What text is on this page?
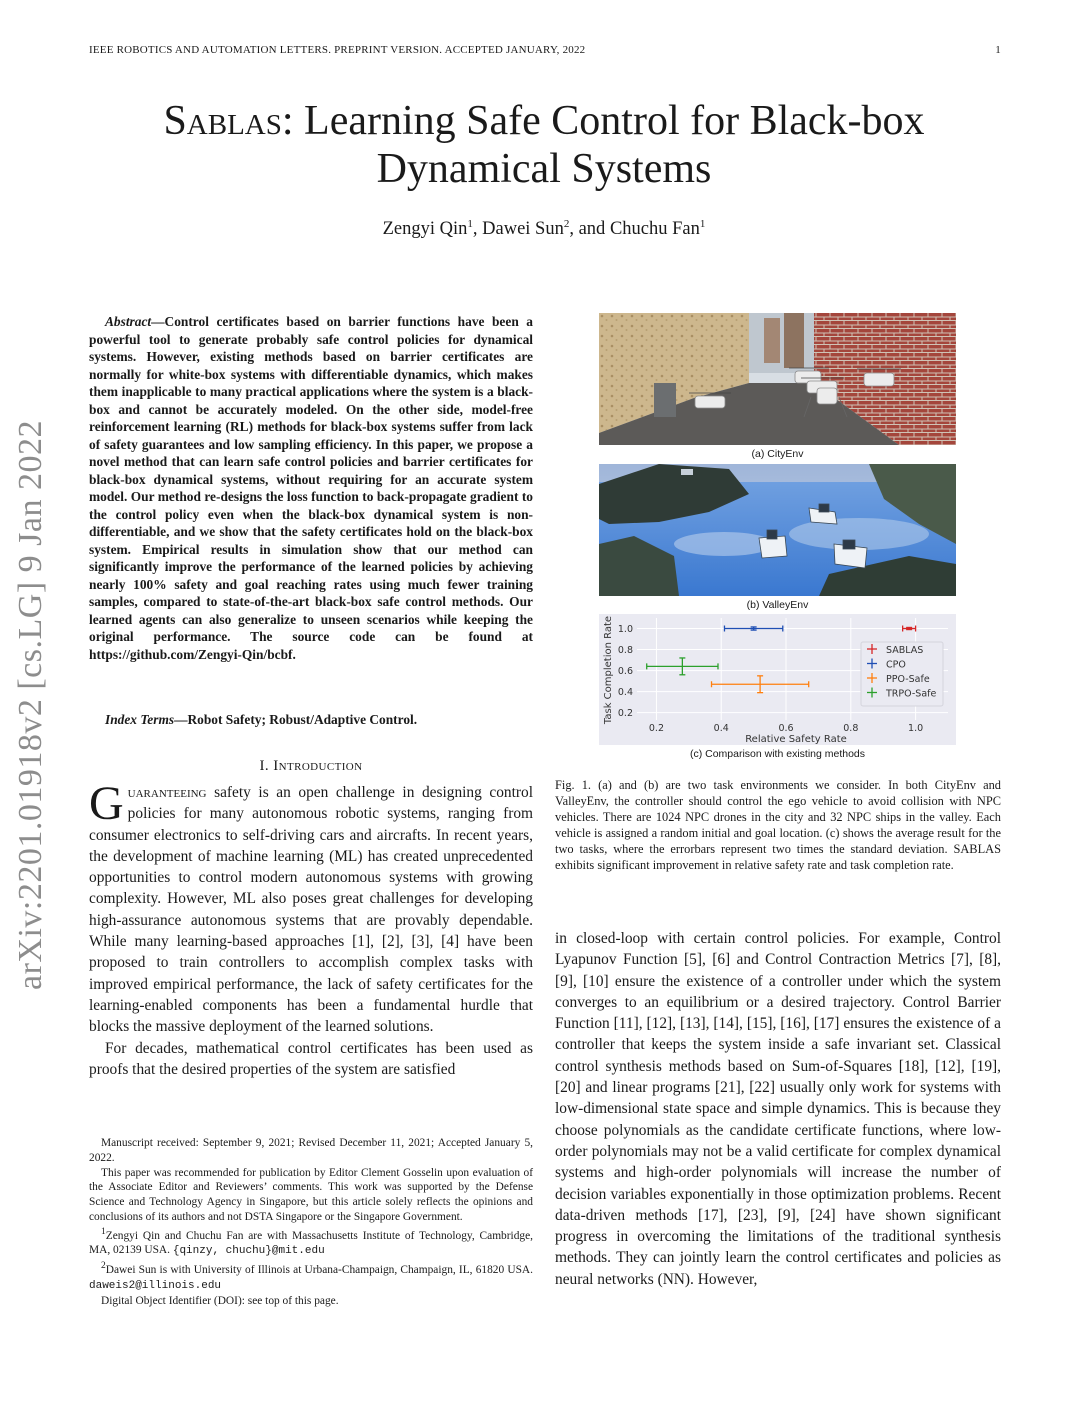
IEEE ROBOTICS AND AUTOMATION LETTERS. PREPRINT VERSION. ACCEPTED JANUARY, 2022	1
Sablas: Learning Safe Control for Black-box
Dynamical Systems
Zengyi Qin$^1$, Dawei Sun$^2$, and Chuchu Fan$^1$
arXiv:2201.01918v2 [cs.LG] 9 Jan 2022
Abstract—Control certificates based on barrier functions have been a powerful tool to generate probably safe control policies for dynamical systems. However, existing methods based on barrier certificates are normally for white-box systems with differentiable dynamics, which makes them inapplicable to many practical applications where the system is a black-box and cannot be accurately modeled. On the other side, model-free reinforcement learning (RL) methods for black-box systems suffer from lack of safety guarantees and low sampling efficiency. In this paper, we propose a novel method that can learn safe control policies and barrier certificates for black-box dynamical systems, without requiring for an accurate system model. Our method re-designs the loss function to back-propagate gradient to the control policy even when the black-box dynamical system is non-differentiable, and we show that the safety certificates hold on the black-box system. Empirical results in simulation show that our method can significantly improve the performance of the learned policies by achieving nearly 100% safety and goal reaching rates using much fewer training samples, compared to state-of-the-art black-box safe control methods. Our learned agents can also generalize to unseen scenarios while keeping the original performance. The source code can be found at https://github.com/Zengyi-Qin/bcbf.
Index Terms—Robot Safety; Robust/Adaptive Control.
I. Introduction

Guaranteeing safety is an open challenge in designing control policies for many autonomous robotic systems, ranging from consumer electronics to self-driving cars and aircrafts. In recent years, the development of machine learning (ML) has created unprecedented opportunities to control modern autonomous systems with growing complexity. However, ML also poses great challenges for developing high-assurance autonomous systems that are provably dependable. While many learning-based approaches [1], [2], [3], [4] have been proposed to train controllers to accomplish complex tasks with improved empirical performance, the lack of safety certificates for the learning-enabled components has been a fundamental hurdle that blocks the massive deployment of the learned solutions.

For decades, mathematical control certificates has been used as proofs that the desired properties of the system are satisfied

Manuscript received: September 9, 2021; Revised December 11, 2021; Accepted January 5, 2022.

This paper was recommended for publication by Editor Clement Gosselin upon evaluation of the Associate Editor and Reviewers’ comments. This work was supported by the Defense Science and Technology Agency in Singapore, but this article solely reflects the opinions and conclusions of its authors and not DSTA Singapore or the Singapore Government.

$^1$Zengyi Qin and Chuchu Fan are with Massachusetts Institute of Technology, Cambridge, MA, 02139 USA. {qinzy, chuchu}@mit.edu

$^2$Dawei Sun is with University of Illinois at Urbana-Champaign, Champaign, IL, 61820 USA. daweis2@illinois.edu

Digital Object Identifier (DOI): see top of this page.

(a) CityEnv
(b) ValleyEnv
0.2	0.4	0.6	0.8	1.0
0.2
0.4
0.6
0.8
1.0
SABLAS
CPO
PPO-Safe
TRPO-Safe
Relative Safety Rate
Task Completion Rate
(c) Comparison with existing methods
Fig. 1. (a) and (b) are two task environments we consider. In both CityEnv and ValleyEnv, the controller should control the ego vehicle to avoid collision with NPC vehicles. There are 1024 NPC drones in the city and 32 NPC ships in the valley. Each vehicle is assigned a random initial and goal location. (c) shows the average result for the two tasks, where the errorbars represent two times the standard deviation. SABLAS exhibits significant improvement in relative safety rate and task completion rate.
in closed-loop with certain control policies. For example, Control Lyapunov Function [5], [6] and Control Contraction Metrics [7], [8], [9], [10] ensure the existence of a controller under which the system converges to an equilibrium or a desired trajectory. Control Barrier Function [11], [12], [13], [14], [15], [16], [17] ensures the existence of a controller that keeps the system inside a safe invariant set. Classical control synthesis methods based on Sum-of-Squares [18], [12], [19], [20] and linear programs [21], [22] usually only work for systems with low-dimensional state space and simple dynamics. This is because they choose polynomials as the candidate certificate functions, where low-order polynomials may not be a valid certificate for complex dynamical systems and high-order polynomials will increase the number of decision variables exponentially in those optimization problems. Recent data-driven methods [17], [23], [9], [24] have shown significant progress in overcoming the limitations of the traditional synthesis methods. They can jointly learn the control certificates and policies as neural networks (NN). However,
